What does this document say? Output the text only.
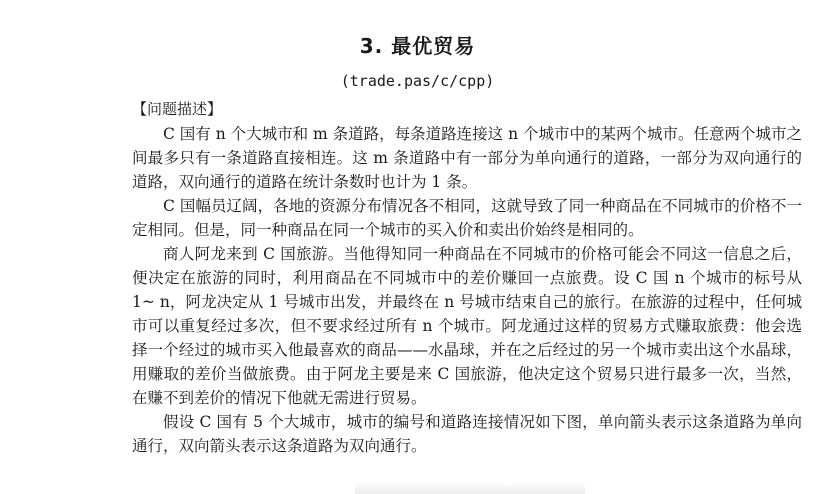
3. 最优贸易
(trade.pas/c/cpp)
【问题描述】

C 国有 n 个大城市和 m 条道路，每条道路连接这 n 个城市中的某两个城市。任意两个城市之间最多只有一条道路直接相连。这 m 条道路中有一部分为单向通行的道路，一部分为双向通行的道路，双向通行的道路在统计条数时也计为 1 条。

C 国幅员辽阔，各地的资源分布情况各不相同，这就导致了同一种商品在不同城市的价格不一定相同。但是，同一种商品在同一个城市的买入价和卖出价始终是相同的。

商人阿龙来到 C 国旅游。当他得知同一种商品在不同城市的价格可能会不同这一信息之后，便决定在旅游的同时，利用商品在不同城市中的差价赚回一点旅费。设 C 国 n 个城市的标号从 1~ n，阿龙决定从 1 号城市出发，并最终在 n 号城市结束自己的旅行。在旅游的过程中，任何城市可以重复经过多次，但不要求经过所有 n 个城市。阿龙通过这样的贸易方式赚取旅费：他会选择一个经过的城市买入他最喜欢的商品——水晶球，并在之后经过的另一个城市卖出这个水晶球，用赚取的差价当做旅费。由于阿龙主要是来 C 国旅游，他决定这个贸易只进行最多一次，当然，在赚不到差价的情况下他就无需进行贸易。

假设 C 国有 5 个大城市，城市的编号和道路连接情况如下图，单向箭头表示这条道路为单向通行，双向箭头表示这条道路为双向通行。
